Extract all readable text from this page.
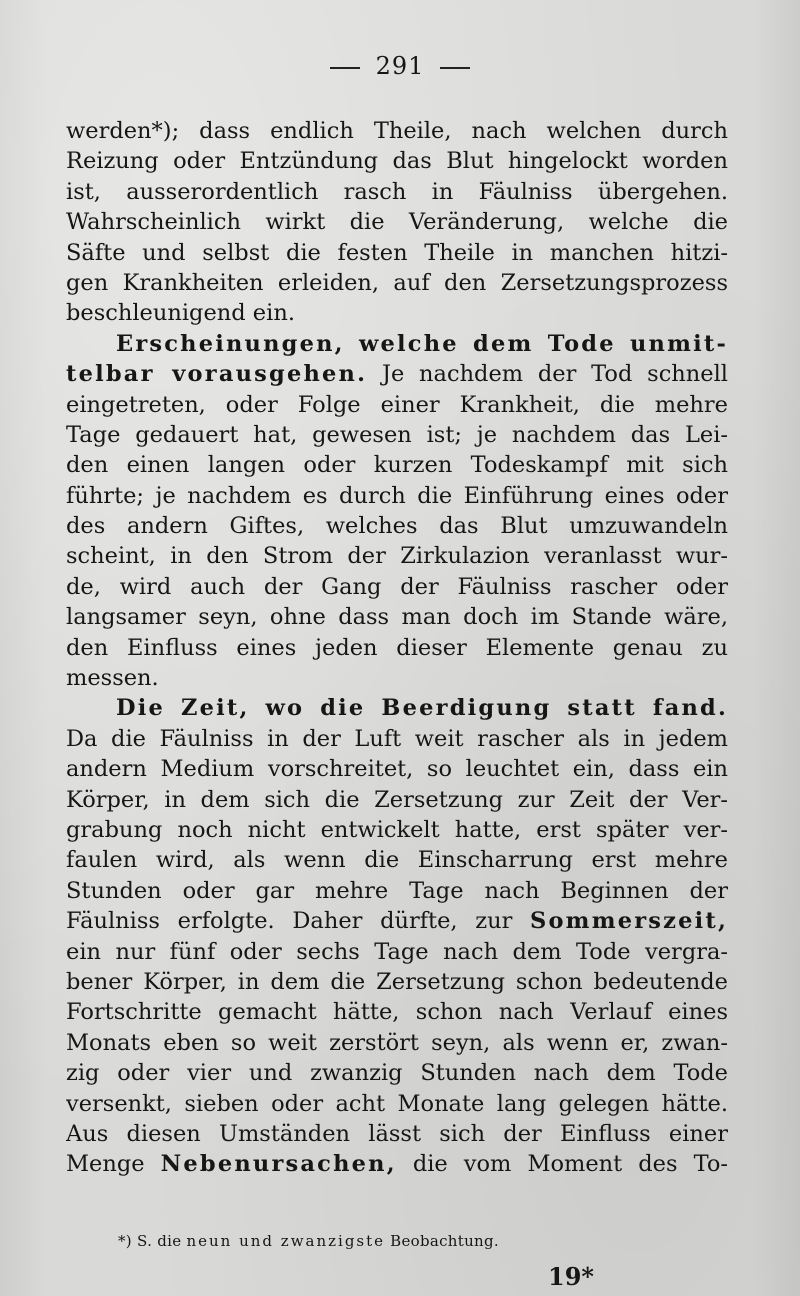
291
werden*); dass endlich Theile, nach welchen durch
Reizung oder Entzündung das Blut hingelockt worden
ist, ausserordentlich rasch in Fäulniss übergehen.
Wahrscheinlich wirkt die Veränderung, welche die
Säfte und selbst die festen Theile in manchen hitzi-
gen Krankheiten erleiden, auf den Zersetzungsprozess
beschleunigend ein.
Erscheinungen, welche dem Tode unmit-
telbar vorausgehen. Je nachdem der Tod schnell
eingetreten, oder Folge einer Krankheit, die mehre
Tage gedauert hat, gewesen ist; je nachdem das Lei-
den einen langen oder kurzen Todeskampf mit sich
führte; je nachdem es durch die Einführung eines oder
des andern Giftes, welches das Blut umzuwandeln
scheint, in den Strom der Zirkulazion veranlasst wur-
de, wird auch der Gang der Fäulniss rascher oder
langsamer seyn, ohne dass man doch im Stande wäre,
den Einfluss eines jeden dieser Elemente genau zu
messen.
Die Zeit, wo die Beerdigung statt fand.
Da die Fäulniss in der Luft weit rascher als in jedem
andern Medium vorschreitet, so leuchtet ein, dass ein
Körper, in dem sich die Zersetzung zur Zeit der Ver-
grabung noch nicht entwickelt hatte, erst später ver-
faulen wird, als wenn die Einscharrung erst mehre
Stunden oder gar mehre Tage nach Beginnen der
Fäulniss erfolgte. Daher dürfte, zur Sommerszeit,
ein nur fünf oder sechs Tage nach dem Tode vergra-
bener Körper, in dem die Zersetzung schon bedeutende
Fortschritte gemacht hätte, schon nach Verlauf eines
Monats eben so weit zerstört seyn, als wenn er, zwan-
zig oder vier und zwanzig Stunden nach dem Tode
versenkt, sieben oder acht Monate lang gelegen hätte.
Aus diesen Umständen lässt sich der Einfluss einer
Menge Nebenursachen, die vom Moment des To-
*) S. die neun und zwanzigste Beobachtung.
19*
